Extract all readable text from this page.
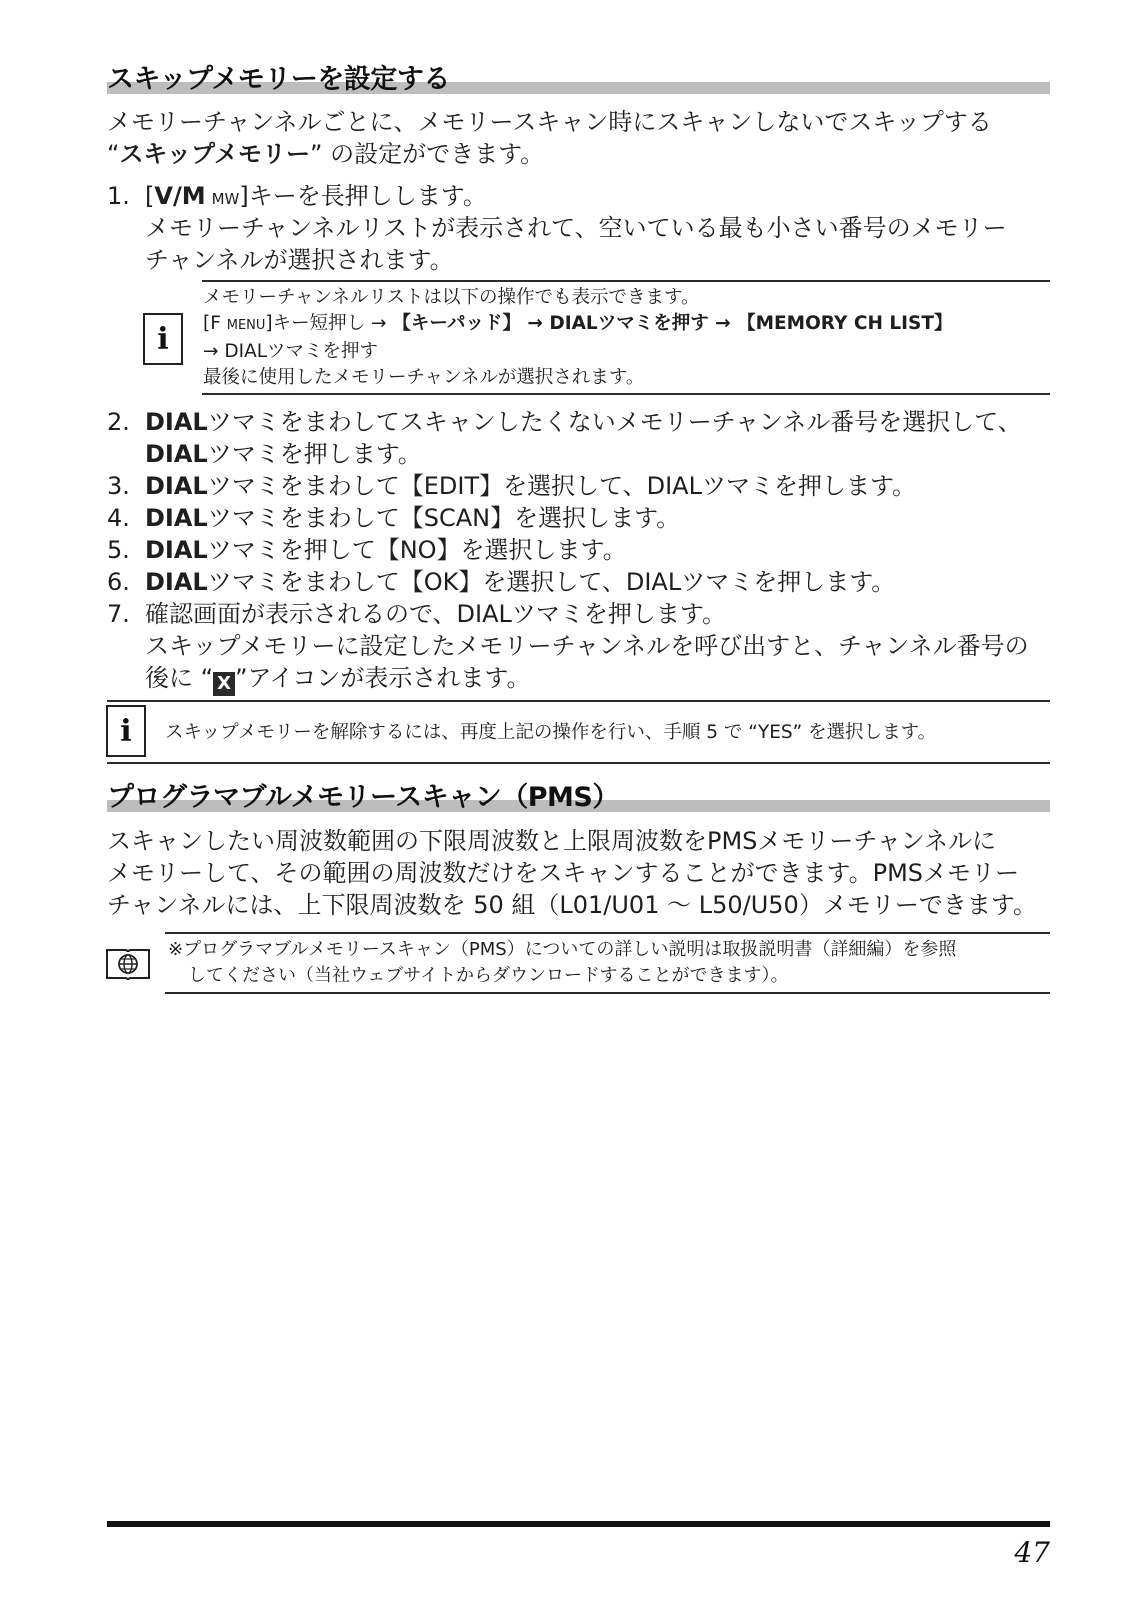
スキップメモリーを設定する
メモリーチャンネルごとに、メモリースキャン時にスキャンしないでスキップする
“スキップメモリー” の設定ができます。
1. [V/M MW]キーを長押しします。
メモリーチャンネルリストが表示されて、空いている最も小さい番号のメモリー
チャンネルが選択されます。
i
メモリーチャンネルリストは以下の操作でも表示できます。
[F MENU]キー短押し → 【キーパッド】 → DIALツマミを押す → 【MEMORY CH LIST】
→ DIALツマミを押す
最後に使用したメモリーチャンネルが選択されます。
2. DIALツマミをまわしてスキャンしたくないメモリーチャンネル番号を選択して、
DIALツマミを押します。
3. DIALツマミをまわして【EDIT】を選択して、DIALツマミを押します。
4. DIALツマミをまわして【SCAN】を選択します。
5. DIALツマミを押して【NO】を選択します。
6. DIALツマミをまわして【OK】を選択して、DIALツマミを押します。
7. 確認画面が表示されるので、DIALツマミを押します。
スキップメモリーに設定したメモリーチャンネルを呼び出すと、チャンネル番号の
後に “ X ”アイコンが表示されます。
i	スキップメモリーを解除するには、再度上記の操作を行い、手順 5 で “YES” を選択します。
プログラマブルメモリースキャン（PMS）
スキャンしたい周波数範囲の下限周波数と上限周波数をPMSメモリーチャンネルに
メモリーして、その範囲の周波数だけをスキャンすることができます。PMSメモリー
チャンネルには、上下限周波数を 50 組（L01/U01 ～ L50/U50）メモリーできます。
※プログラマブルメモリースキャン（PMS）についての詳しい説明は取扱説明書（詳細編）を参照
してください（当社ウェブサイトからダウンロードすることができます）。
47
